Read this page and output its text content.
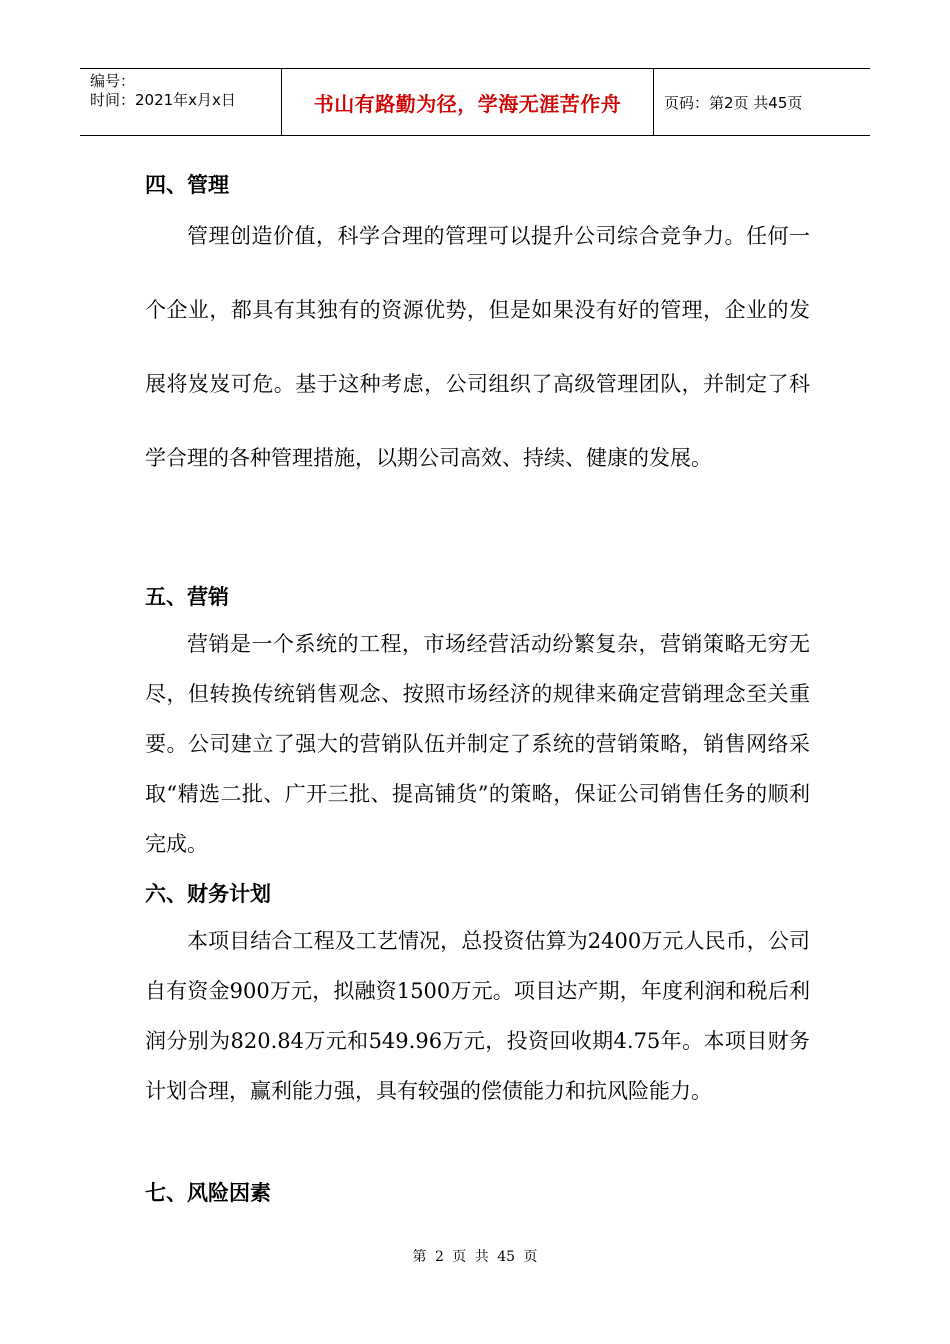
编号：
时间：2021年x月x日	书山有路勤为径，学海无涯苦作舟	页码：第2页 共45页
四、管理

管理创造价值，科学合理的管理可以提升公司综合竞争力。任何一个企业，都具有其独有的资源优势，但是如果没有好的管理，企业的发展将岌岌可危。基于这种考虑，公司组织了高级管理团队，并制定了科学合理的各种管理措施，以期公司高效、持续、健康的发展。

五、营销

营销是一个系统的工程，市场经营活动纷繁复杂，营销策略无穷无尽，但转换传统销售观念、按照市场经济的规律来确定营销理念至关重要。公司建立了强大的营销队伍并制定了系统的营销策略，销售网络采取“精选二批、广开三批、提高铺货”的策略，保证公司销售任务的顺利完成。

六、财务计划

本项目结合工程及工艺情况，总投资估算为2400万元人民币，公司自有资金900万元，拟融资1500万元。项目达产期，年度利润和税后利润分别为820.84万元和549.96万元，投资回收期4.75年。本项目财务计划合理，赢利能力强，具有较强的偿债能力和抗风险能力。

七、风险因素
第 2 页 共 45 页
